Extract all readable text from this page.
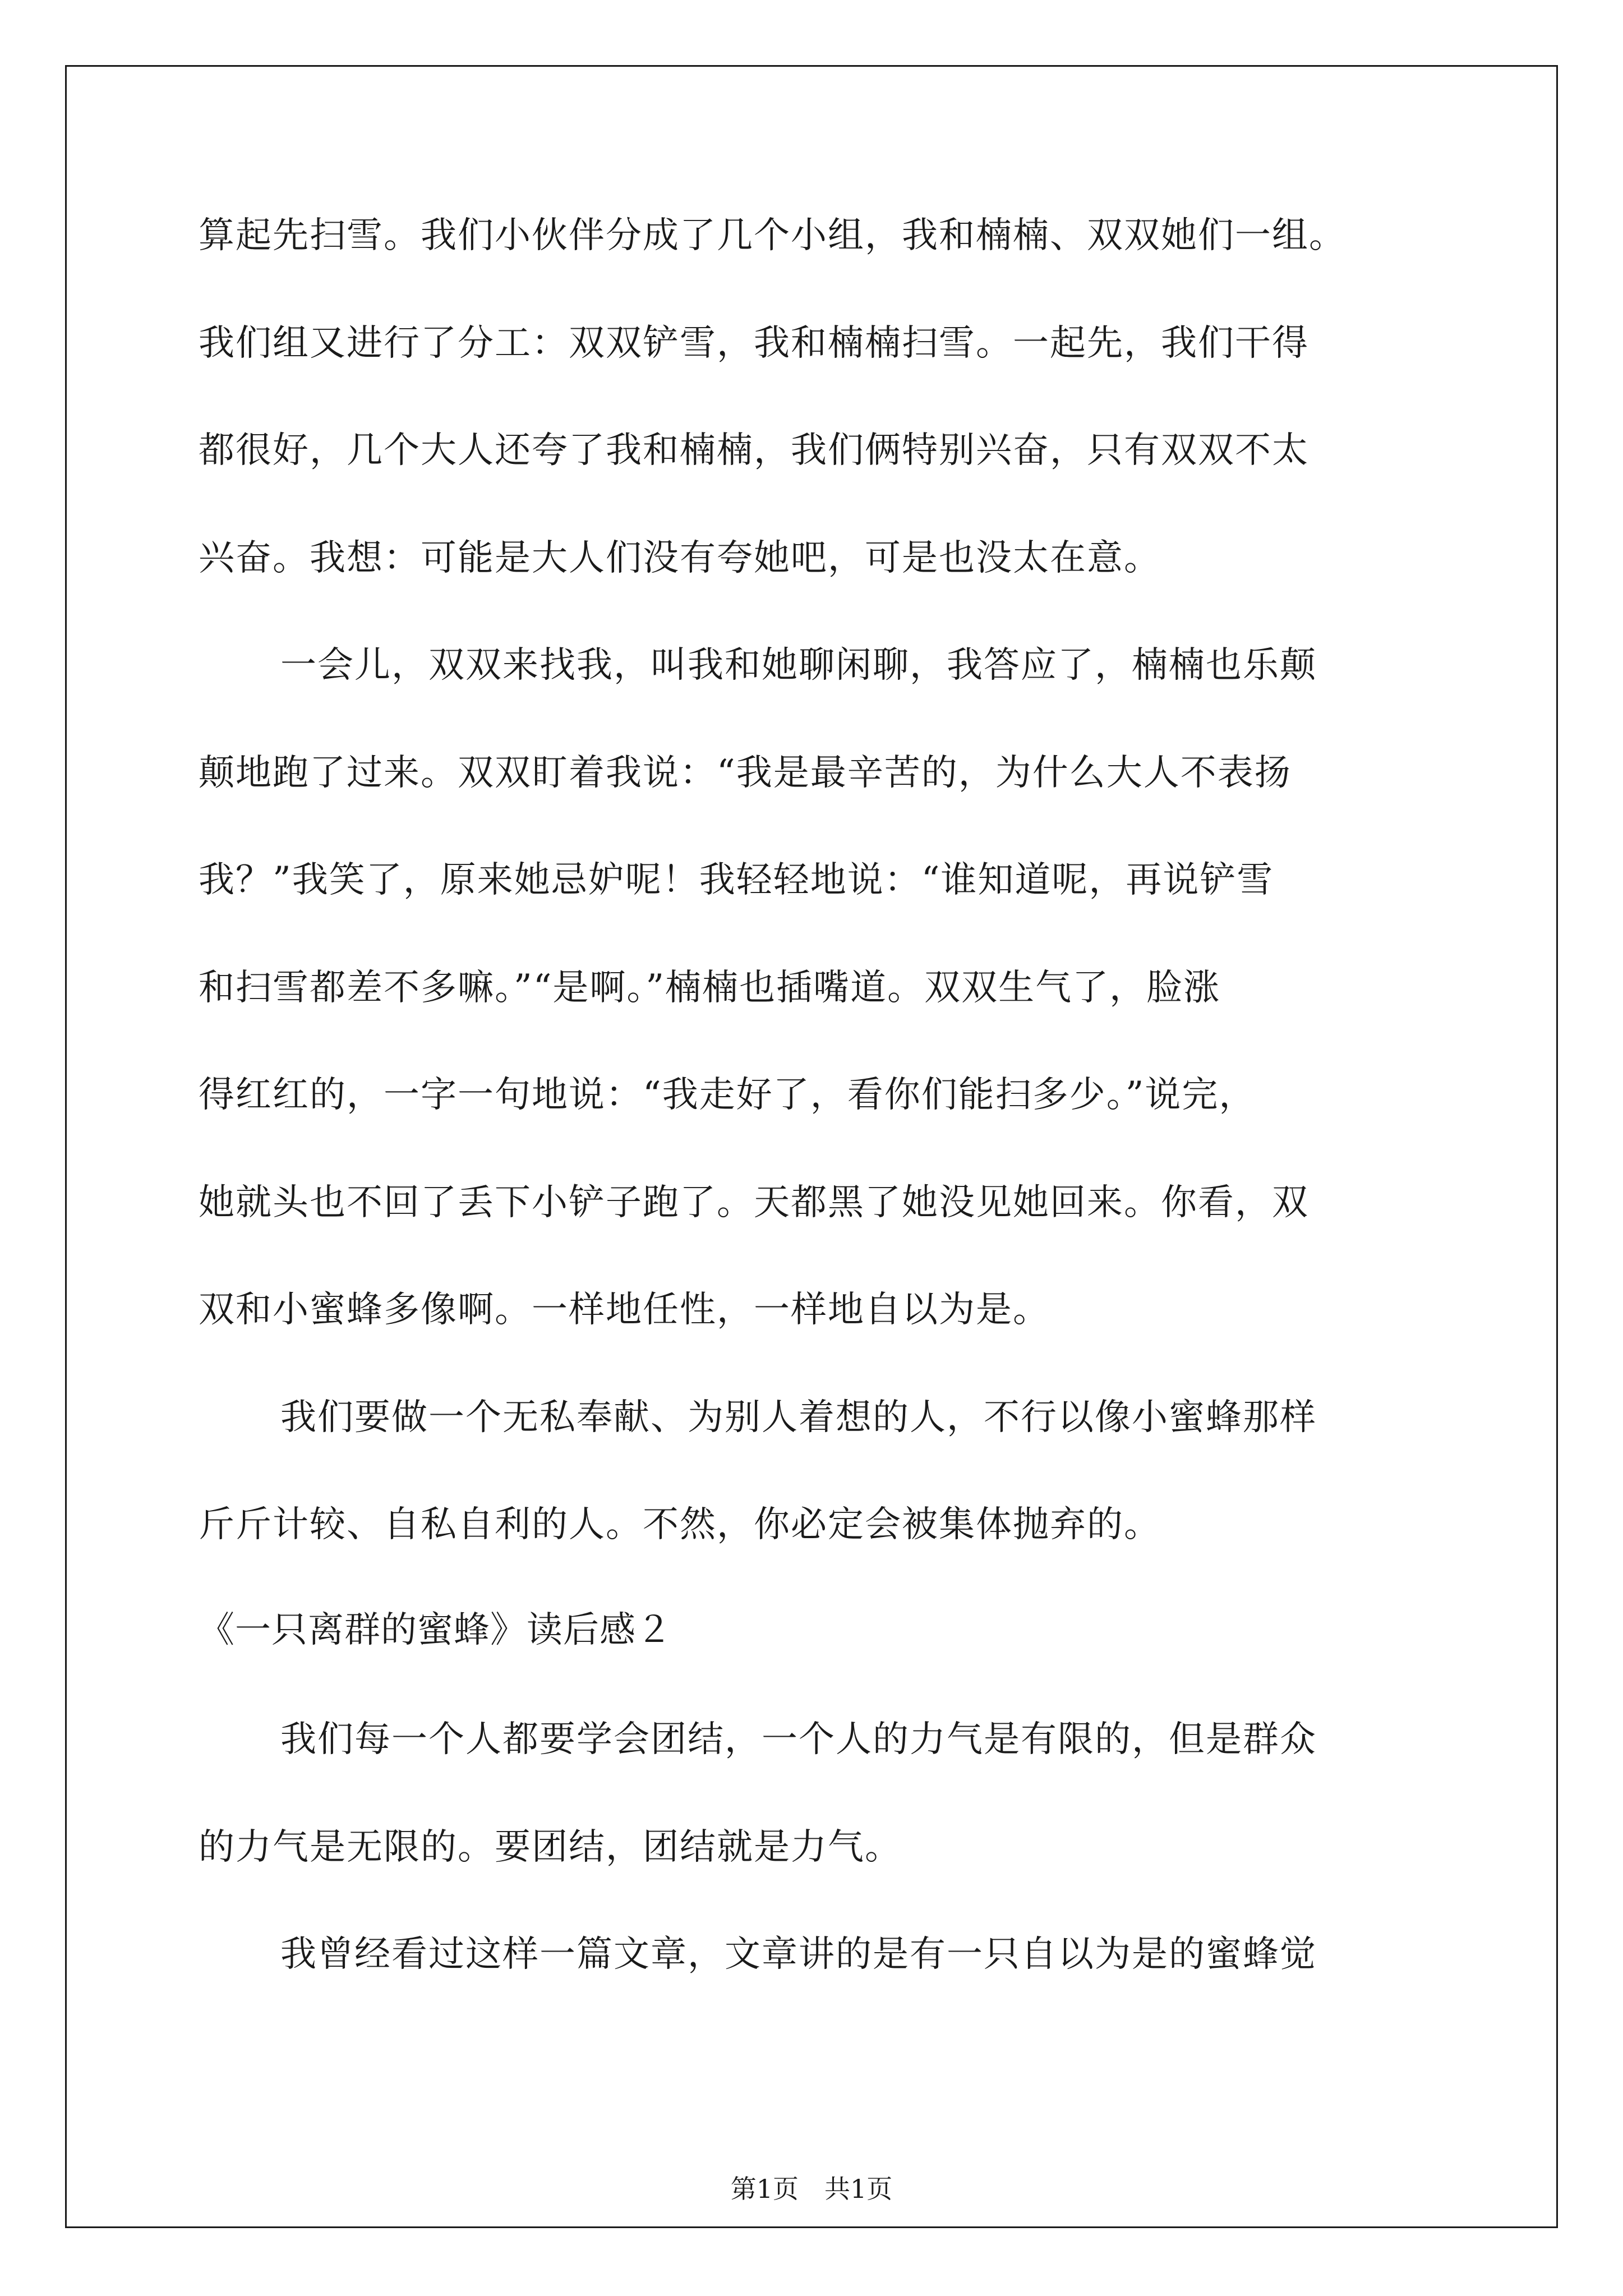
算起先扫雪。我们小伙伴分成了几个小组，我和楠楠、双双她们一组。
我们组又进行了分工：双双铲雪，我和楠楠扫雪。一起先，我们干得
都很好，几个大人还夸了我和楠楠，我们俩特别兴奋，只有双双不太
兴奋。我想：可能是大人们没有夸她吧，可是也没太在意。
一会儿，双双来找我，叫我和她聊闲聊，我答应了，楠楠也乐颠
颠地跑了过来。双双盯着我说：“我是最辛苦的，为什么大人不表扬
我？”我笑了，原来她忌妒呢！我轻轻地说：“谁知道呢，再说铲雪
和扫雪都差不多嘛。”“是啊。”楠楠也插嘴道。双双生气了，脸涨
得红红的，一字一句地说：“我走好了，看你们能扫多少。”说完，
她就头也不回了丢下小铲子跑了。天都黑了她没见她回来。你看，双
双和小蜜蜂多像啊。一样地任性，一样地自以为是。
我们要做一个无私奉献、为别人着想的人，不行以像小蜜蜂那样
斤斤计较、自私自利的人。不然，你必定会被集体抛弃的。
《一只离群的蜜蜂》读后感２
我们每一个人都要学会团结，一个人的力气是有限的，但是群众
的力气是无限的。要团结，团结就是力气。
我曾经看过这样一篇文章，文章讲的是有一只自以为是的蜜蜂觉
第1页　共1页
